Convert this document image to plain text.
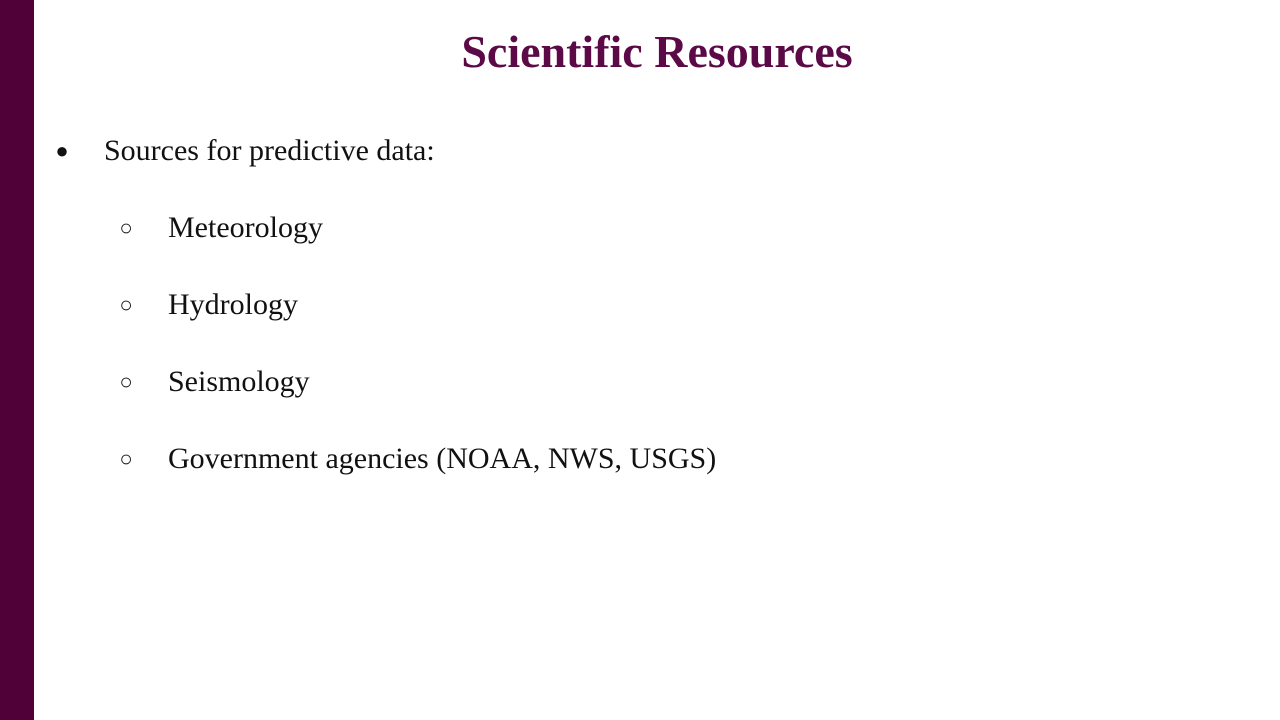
Scientific Resources
● Sources for predictive data:
○ Meteorology
○ Hydrology
○ Seismology
○ Government agencies (NOAA, NWS, USGS)
